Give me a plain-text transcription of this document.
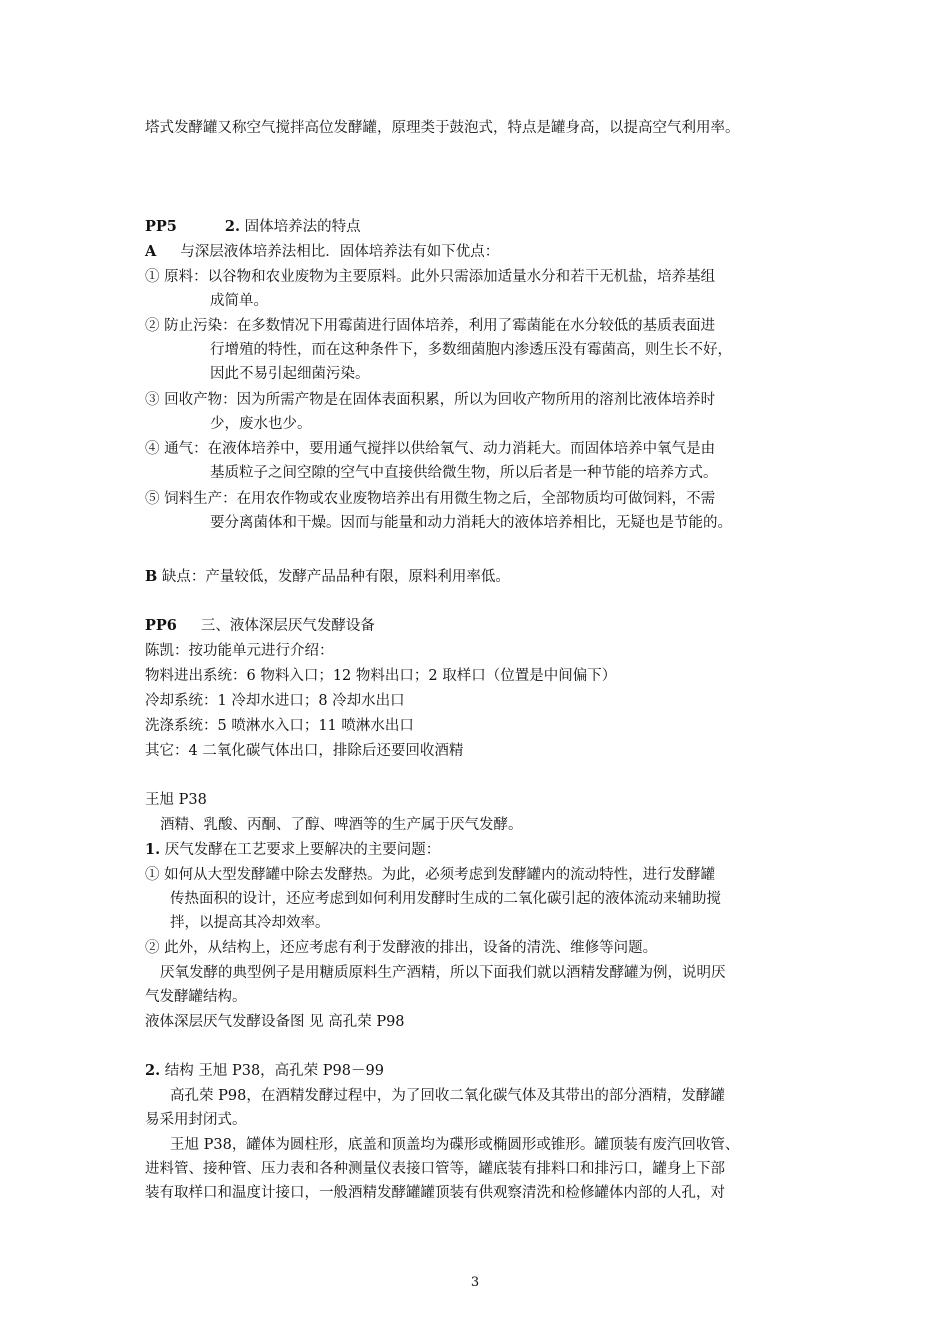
塔式发酵罐又称空气搅拌高位发酵罐，原理类于鼓泡式，特点是罐身高，以提高空气利用率。
PP5	2. 固体培养法的特点
A 与深层液体培养法相比．固体培养法有如下优点：
① 原料：以谷物和农业废物为主要原料。此外只需添加适量水分和若干无机盐，培养基组
成简单。
② 防止污染：在多数情况下用霉菌进行固体培养，利用了霉菌能在水分较低的基质表面进
行增殖的特性，而在这种条件下，多数细菌胞内渗透压没有霉菌高，则生长不好，
因此不易引起细菌污染。
③ 回收产物：因为所需产物是在固体表面积累，所以为回收产物所用的溶剂比液体培养时
少，废水也少。
④ 通气：在液体培养中，要用通气搅拌以供给氧气、动力消耗大。而固体培养中氧气是由
基质粒子之间空隙的空气中直接供给微生物，所以后者是一种节能的培养方式。
⑤ 饲料生产：在用农作物或农业废物培养出有用微生物之后，全部物质均可做饲料，不需
要分离菌体和干燥。因而与能量和动力消耗大的液体培养相比，无疑也是节能的。
B 缺点：产量较低，发酵产品品种有限，原料利用率低。
PP6 三、液体深层厌气发酵设备
陈凯：按功能单元进行介绍：
物料进出系统：6 物料入口；12 物料出口；2 取样口（位置是中间偏下）
冷却系统：1 冷却水进口；8 冷却水出口
洗涤系统：5 喷淋水入口；11 喷淋水出口
其它：4 二氧化碳气体出口，排除后还要回收酒精
王旭 P38
酒精、乳酸、丙酮、了醇、啤酒等的生产属于厌气发酵。
1. 厌气发酵在工艺要求上要解决的主要问题：
① 如何从大型发酵罐中除去发酵热。为此，必须考虑到发酵罐内的流动特性，进行发酵罐
传热面积的设计，还应考虑到如何利用发酵时生成的二氧化碳引起的液体流动来辅助搅
拌，以提高其冷却效率。
② 此外，从结构上，还应考虑有利于发酵液的排出，设备的清洗、维修等问题。
厌氧发酵的典型例子是用糖质原料生产酒精，所以下面我们就以酒精发酵罐为例，说明厌
气发酵罐结构。
液体深层厌气发酵设备图 见 高孔荣 P98
2. 结构 王旭 P38，高孔荣 P98－99
高孔荣 P98，在酒精发酵过程中，为了回收二氧化碳气体及其带出的部分酒精，发酵罐
易采用封闭式。
王旭 P38，罐体为圆柱形，底盖和顶盖均为碟形或椭圆形或锥形。罐顶装有废汽回收管、
进料管、接种管、压力表和各种测量仪表接口管等，罐底装有排料口和排污口，罐身上下部
装有取样口和温度计接口，一般酒精发酵罐罐顶装有供观察清洗和检修罐体内部的人孔，对
3
